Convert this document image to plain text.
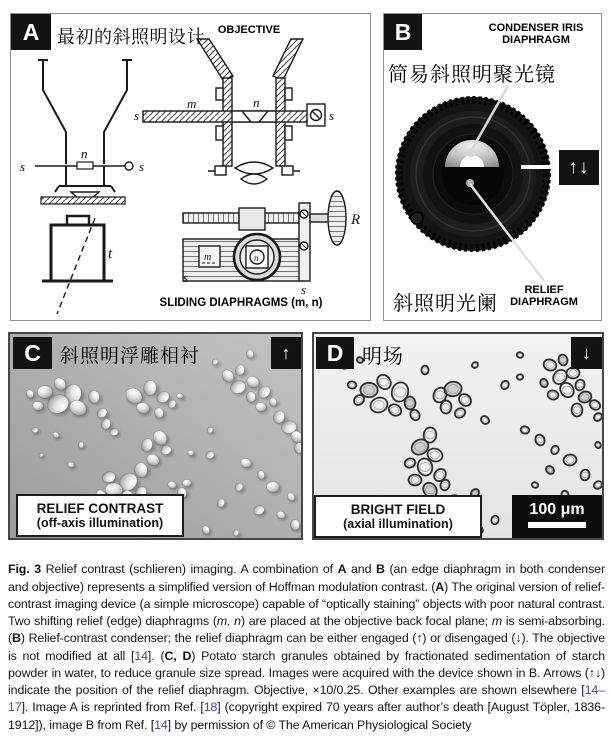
s	s
n
t
s	s
m	n
m	n
R
s
s
A 最初的斜照明设计	OBJECTIVE
SLIDING DIAPHRAGMS (m, n)
B	CONDENSER IRIS
DIAPHRAGM
简易斜照明聚光镜
斜照明光阑
RELIEF
DIAPHRAGM
↑↓
C	斜照明浮雕相衬	↑
RELIEF CONTRAST
(off-axis illumination)
D 明场	↓
BRIGHT FIELD
(axial illumination)
100 μm

Fig. 3 Relief contrast (schlieren) imaging. A combination of A and B (an edge diaphragm in both condenser and objective) represents a simplified version of Hoffman modulation contrast. (A) The original version of relief-contrast imaging device (a simple microscope) capable of “optically staining” objects with poor natural contrast. Two shifting relief (edge) diaphragms (m, n) are placed at the objective back focal plane; m is semi-absorbing. (B) Relief-contrast condenser; the relief diaphragm can be either engaged (↑) or disengaged (↓). The objective is not modified at all [14]. (C, D) Potato starch granules obtained by fractionated sedimentation of starch powder in water, to reduce granule size spread. Images were acquired with the device shown in B. Arrows (↑↓) indicate the position of the relief diaphragm. Objective, ×10/0.25. Other examples are shown elsewhere [14–17]. Image A is reprinted from Ref. [18] (copyright expired 70 years after author’s death [August Töpler, 1836-1912]), image B from Ref. [14] by permission of © The American Physiological Society
